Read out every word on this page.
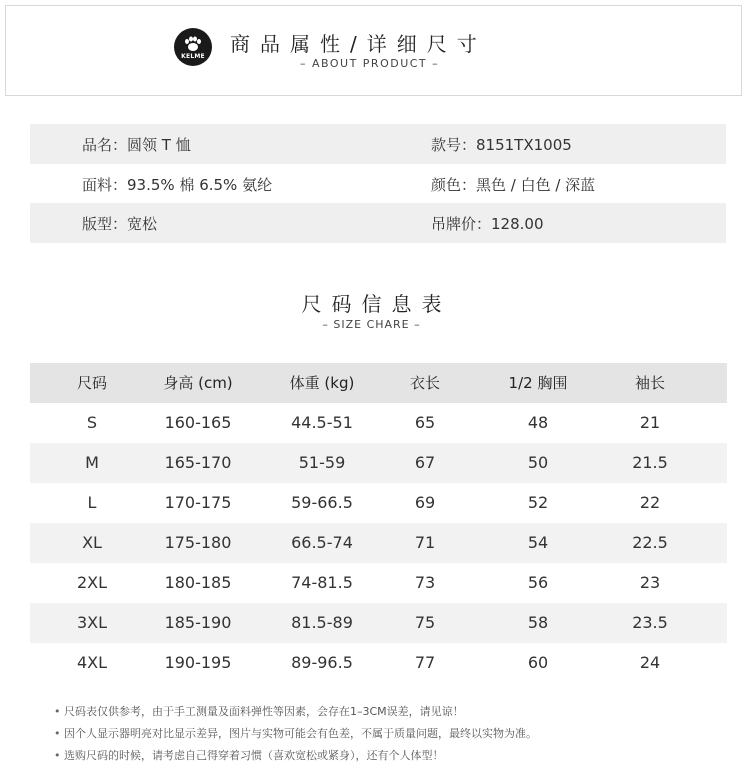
KELME
商品属性/详细尺寸
– ABOUT PRODUCT –
品名：圆领 T 恤	款号：8151TX1005
面料：93.5% 棉 6.5% 氨纶	颜色：黑色 / 白色 / 深蓝
版型：宽松	吊牌价：128.00
尺码信息表
– SIZE CHARE –
尺码	身高 (cm)	体重 (kg)	衣长	1/2 胸围	袖长
S	160-165	44.5-51	65	48	21
M	165-170	51-59	67	50	21.5
L	170-175	59-66.5	69	52	22
XL	175-180	66.5-74	71	54	22.5
2XL	180-185	74-81.5	73	56	23
3XL	185-190	81.5-89	75	58	23.5
4XL	190-195	89-96.5	77	60	24
• 尺码表仅供参考，由于手工测量及面料弹性等因素，会存在1–3CM误差，请见谅！
• 因个人显示器明亮对比显示差异，图片与实物可能会有色差，不属于质量问题，最终以实物为准。
• 选购尺码的时候，请考虑自己得穿着习惯（喜欢宽松或紧身），还有个人体型！
